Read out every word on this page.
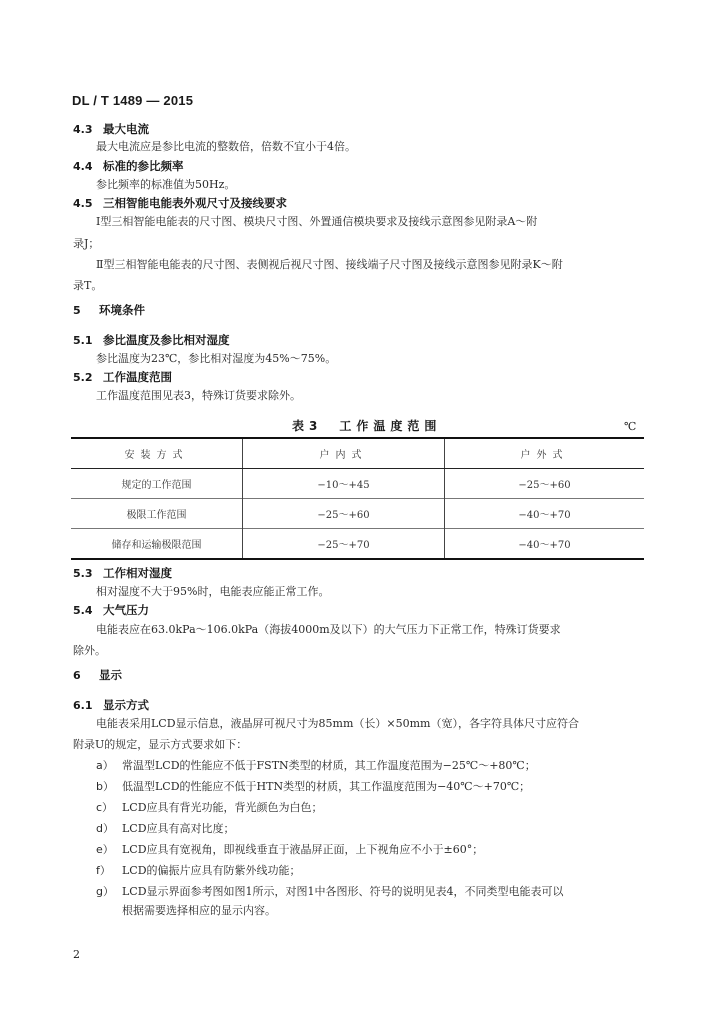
DL / T 1489 — 2015
4.3 最大电流
最大电流应是参比电流的整数倍，倍数不宜小于4倍。
4.4 标准的参比频率
参比频率的标准值为50Hz。
4.5 三相智能电能表外观尺寸及接线要求
Ⅰ型三相智能电能表的尺寸图、模块尺寸图、外置通信模块要求及接线示意图参见附录A～附
录J；
Ⅱ型三相智能电能表的尺寸图、表侧视后视尺寸图、接线端子尺寸图及接线示意图参见附录K～附
录T。
5 环境条件
5.1 参比温度及参比相对湿度
参比温度为23℃，参比相对湿度为45%～75%。
5.2 工作温度范围
工作温度范围见表3，特殊订货要求除外。
表3　工作温度范围	℃
安装方式	户内式	户外式
规定的工作范围	−10～+45	−25～+60
极限工作范围	−25～+60	−40～+70
储存和运输极限范围	−25～+70	−40～+70
5.3 工作相对湿度
相对湿度不大于95%时，电能表应能正常工作。
5.4 大气压力
电能表应在63.0kPa～106.0kPa（海拔4000m及以下）的大气压力下正常工作，特殊订货要求
除外。
6 显示
6.1 显示方式
电能表采用LCD显示信息，液晶屏可视尺寸为85mm（长）×50mm（宽），各字符具体尺寸应符合
附录U的规定，显示方式要求如下：
a） 常温型LCD的性能应不低于FSTN类型的材质，其工作温度范围为−25℃～+80℃；
b） 低温型LCD的性能应不低于HTN类型的材质，其工作温度范围为−40℃～+70℃；
c） LCD应具有背光功能，背光颜色为白色；
d） LCD应具有高对比度；
e） LCD应具有宽视角，即视线垂直于液晶屏正面，上下视角应不小于±60°；
f） LCD的偏振片应具有防紫外线功能；
g） LCD显示界面参考图如图1所示，对图1中各图形、符号的说明见表4，不同类型电能表可以
根据需要选择相应的显示内容。
2
